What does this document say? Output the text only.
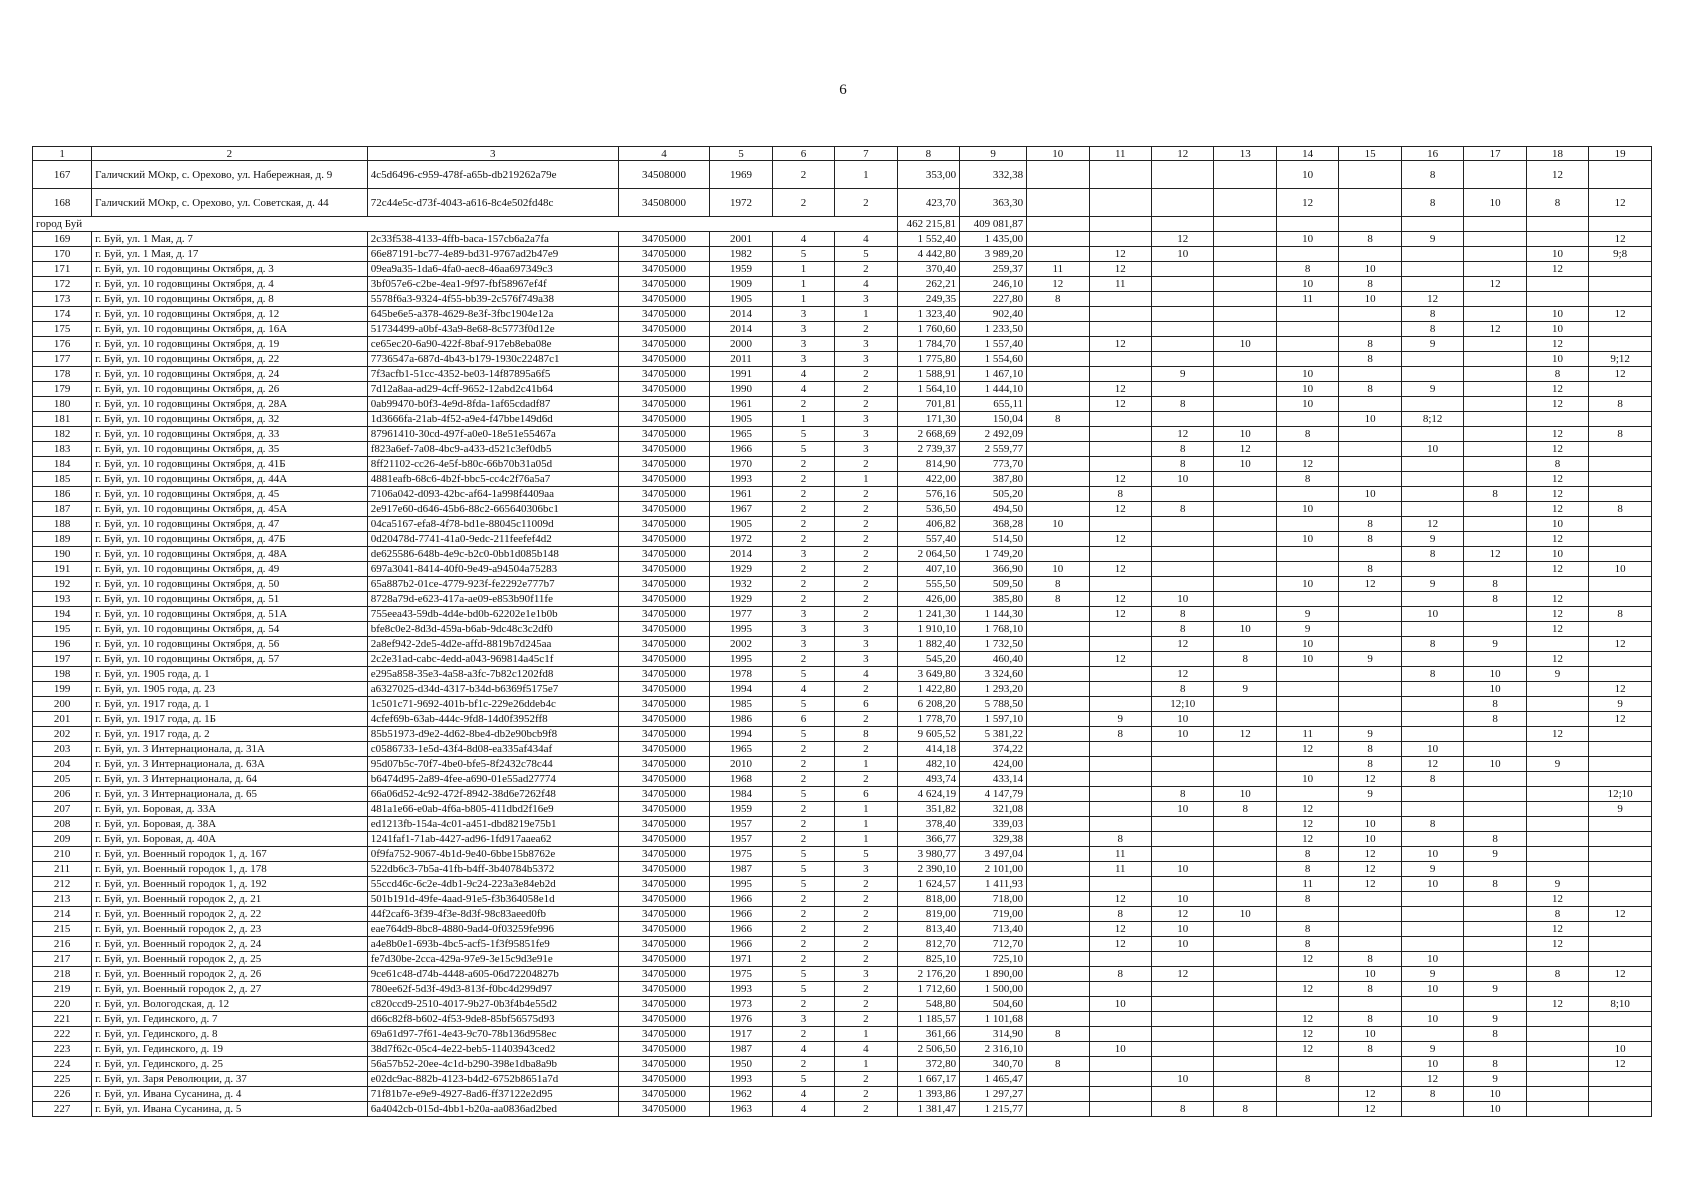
6
1	2	3	4	5	6	7	8	9	10	11	12	13	14	15	16	17	18	19
167	Галичский МОкр, с. Орехово, ул. Набережная, д. 9	4c5d6496-c959-478f-a65b-db219262a79e	34508000	1969	2	1	353,00	332,38					10		8		12	
168	Галичский МОкр, с. Орехово, ул. Советская, д. 44	72c44e5c-d73f-4043-a616-8c4e502fd48c	34508000	1972	2	2	423,70	363,30					12		8	10	8	12
город Буй							462 215,81	409 081,87										
169	г. Буй, ул. 1 Мая, д. 7	2c33f538-4133-4ffb-baca-157cb6a2a7fa	34705000	2001	4	4	1 552,40	1 435,00			12		10	8	9			12
170	г. Буй, ул. 1 Мая, д. 17	66e87191-bc77-4e89-bd31-9767ad2b47e9	34705000	1982	5	5	4 442,80	3 989,20		12	10						10	9;8
171	г. Буй, ул. 10 годовщины Октября, д. 3	09ea9a35-1da6-4fa0-aec8-46aa697349c3	34705000	1959	1	2	370,40	259,37	11	12			8	10			12	
172	г. Буй, ул. 10 годовщины Октября, д. 4	3bf057e6-c2be-4ea1-9f97-fbf58967ef4f	34705000	1909	1	4	262,21	246,10	12	11			10	8		12		
173	г. Буй, ул. 10 годовщины Октября, д. 8	5578f6a3-9324-4f55-bb39-2c576f749a38	34705000	1905	1	3	249,35	227,80	8				11	10	12			
174	г. Буй, ул. 10 годовщины Октября, д. 12	645be6e5-a378-4629-8e3f-3fbc1904e12a	34705000	2014	3	1	1 323,40	902,40							8		10	12
175	г. Буй, ул. 10 годовщины Октября, д. 16А	51734499-a0bf-43a9-8e68-8c5773f0d12e	34705000	2014	3	2	1 760,60	1 233,50							8	12	10	
176	г. Буй, ул. 10 годовщины Октября, д. 19	ce65ec20-6a90-422f-8baf-917eb8eba08e	34705000	2000	3	3	1 784,70	1 557,40		12		10		8	9		12	
177	г. Буй, ул. 10 годовщины Октября, д. 22	7736547a-687d-4b43-b179-1930c22487c1	34705000	2011	3	3	1 775,80	1 554,60						8			10	9;12
178	г. Буй, ул. 10 годовщины Октября, д. 24	7f3acfb1-51cc-4352-be03-14f87895a6f5	34705000	1991	4	2	1 588,91	1 467,10			9		10				8	12
179	г. Буй, ул. 10 годовщины Октября, д. 26	7d12a8aa-ad29-4cff-9652-12abd2c41b64	34705000	1990	4	2	1 564,10	1 444,10		12			10	8	9		12	
180	г. Буй, ул. 10 годовщины Октября, д. 28А	0ab99470-b0f3-4e9d-8fda-1af65cdadf87	34705000	1961	2	2	701,81	655,11		12	8		10				12	8
181	г. Буй, ул. 10 годовщины Октября, д. 32	1d3666fa-21ab-4f52-a9e4-f47bbe149d6d	34705000	1905	1	3	171,30	150,04	8					10	8;12			
182	г. Буй, ул. 10 годовщины Октября, д. 33	87961410-30cd-497f-a0e0-18e51e55467a	34705000	1965	5	3	2 668,69	2 492,09			12	10	8				12	8
183	г. Буй, ул. 10 годовщины Октября, д. 35	f823a6ef-7a08-4bc9-a433-d521c3ef0db5	34705000	1966	5	3	2 739,37	2 559,77			8	12			10		12	
184	г. Буй, ул. 10 годовщины Октября, д. 41Б	8ff21102-cc26-4e5f-b80c-66b70b31a05d	34705000	1970	2	2	814,90	773,70			8	10	12				8	
185	г. Буй, ул. 10 годовщины Октября, д. 44А	4881eafb-68c6-4b2f-bbc5-cc4c2f76a5a7	34705000	1993	2	1	422,00	387,80		12	10		8				12	
186	г. Буй, ул. 10 годовщины Октября, д. 45	7106a042-d093-42bc-af64-1a998f4409aa	34705000	1961	2	2	576,16	505,20		8				10		8	12	
187	г. Буй, ул. 10 годовщины Октября, д. 45А	2e917e60-d646-45b6-88c2-665640306bc1	34705000	1967	2	2	536,50	494,50		12	8		10				12	8
188	г. Буй, ул. 10 годовщины Октября, д. 47	04ca5167-efa8-4f78-bd1e-88045c11009d	34705000	1905	2	2	406,82	368,28	10					8	12		10	
189	г. Буй, ул. 10 годовщины Октября, д. 47Б	0d20478d-7741-41a0-9edc-211feefef4d2	34705000	1972	2	2	557,40	514,50		12			10	8	9		12	
190	г. Буй, ул. 10 годовщины Октября, д. 48А	de625586-648b-4e9c-b2c0-0bb1d085b148	34705000	2014	3	2	2 064,50	1 749,20							8	12	10	
191	г. Буй, ул. 10 годовщины Октября, д. 49	697a3041-8414-40f0-9e49-a94504a75283	34705000	1929	2	2	407,10	366,90	10	12				8			12	10
192	г. Буй, ул. 10 годовщины Октября, д. 50	65a887b2-01ce-4779-923f-fe2292e777b7	34705000	1932	2	2	555,50	509,50	8				10	12	9	8		
193	г. Буй, ул. 10 годовщины Октября, д. 51	8728a79d-e623-417a-ae09-e853b90f11fe	34705000	1929	2	2	426,00	385,80	8	12	10					8	12	
194	г. Буй, ул. 10 годовщины Октября, д. 51А	755eea43-59db-4d4e-bd0b-62202e1e1b0b	34705000	1977	3	2	1 241,30	1 144,30		12	8		9		10		12	8
195	г. Буй, ул. 10 годовщины Октября, д. 54	bfe8c0e2-8d3d-459a-b6ab-9dc48c3c2df0	34705000	1995	3	3	1 910,10	1 768,10			8	10	9				12	
196	г. Буй, ул. 10 годовщины Октября, д. 56	2a8ef942-2de5-4d2e-affd-8819b7d245aa	34705000	2002	3	3	1 882,40	1 732,50			12		10		8	9		12
197	г. Буй, ул. 10 годовщины Октября, д. 57	2c2e31ad-cabc-4edd-a043-969814a45c1f	34705000	1995	2	3	545,20	460,40		12		8	10	9			12	
198	г. Буй, ул. 1905 года, д. 1	e295a858-35e3-4a58-a3fc-7b82c1202fd8	34705000	1978	5	4	3 649,80	3 324,60			12				8	10	9	
199	г. Буй, ул. 1905 года, д. 23	a6327025-d34d-4317-b34d-b6369f5175e7	34705000	1994	4	2	1 422,80	1 293,20			8	9				10		12
200	г. Буй, ул. 1917 года, д. 1	1c501c71-9692-401b-bf1c-229e26ddeb4c	34705000	1985	5	6	6 208,20	5 788,50			12;10					8		9
201	г. Буй, ул. 1917 года, д. 1Б	4cfef69b-63ab-444c-9fd8-14d0f3952ff8	34705000	1986	6	2	1 778,70	1 597,10		9	10					8		12
202	г. Буй, ул. 1917 года, д. 2	85b51973-d9e2-4d62-8be4-db2e90bcb9f8	34705000	1994	5	8	9 605,52	5 381,22		8	10	12	11	9			12	
203	г. Буй, ул. 3 Интернационала, д. 31А	c0586733-1e5d-43f4-8d08-ea335af434af	34705000	1965	2	2	414,18	374,22					12	8	10			
204	г. Буй, ул. 3 Интернационала, д. 63А	95d07b5c-70f7-4be0-bfe5-8f2432c78c44	34705000	2010	2	1	482,10	424,00						8	12	10	9	
205	г. Буй, ул. 3 Интернационала, д. 64	b6474d95-2a89-4fee-a690-01e55ad27774	34705000	1968	2	2	493,74	433,14					10	12	8			
206	г. Буй, ул. 3 Интернационала, д. 65	66a06d52-4c92-472f-8942-38d6e7262f48	34705000	1984	5	6	4 624,19	4 147,79			8	10		9				12;10
207	г. Буй, ул. Боровая, д. 33А	481a1e66-e0ab-4f6a-b805-411dbd2f16e9	34705000	1959	2	1	351,82	321,08			10	8	12					9
208	г. Буй, ул. Боровая, д. 38А	ed1213fb-154a-4c01-a451-dbd8219e75b1	34705000	1957	2	1	378,40	339,03					12	10	8			
209	г. Буй, ул. Боровая, д. 40А	1241faf1-71ab-4427-ad96-1fd917aaea62	34705000	1957	2	1	366,77	329,38		8			12	10		8		
210	г. Буй, ул. Военный городок 1, д. 167	0f9fa752-9067-4b1d-9e40-6bbe15b8762e	34705000	1975	5	5	3 980,77	3 497,04		11			8	12	10	9		
211	г. Буй, ул. Военный городок 1, д. 178	522db6c3-7b5a-41fb-b4ff-3b40784b5372	34705000	1987	5	3	2 390,10	2 101,00		11	10		8	12	9			
212	г. Буй, ул. Военный городок 1, д. 192	55ccd46c-6c2e-4db1-9c24-223a3e84eb2d	34705000	1995	5	2	1 624,57	1 411,93					11	12	10	8	9	
213	г. Буй, ул. Военный городок 2, д. 21	501b191d-49fe-4aad-91e5-f3b364058e1d	34705000	1966	2	2	818,00	718,00		12	10		8				12	
214	г. Буй, ул. Военный городок 2, д. 22	44f2caf6-3f39-4f3e-8d3f-98c83aeed0fb	34705000	1966	2	2	819,00	719,00		8	12	10					8	12
215	г. Буй, ул. Военный городок 2, д. 23	eae764d9-8bc8-4880-9ad4-0f03259fe996	34705000	1966	2	2	813,40	713,40		12	10		8				12	
216	г. Буй, ул. Военный городок 2, д. 24	a4e8b0e1-693b-4bc5-acf5-1f3f95851fe9	34705000	1966	2	2	812,70	712,70		12	10		8				12	
217	г. Буй, ул. Военный городок 2, д. 25	fe7d30be-2cca-429a-97e9-3e15c9d3e91e	34705000	1971	2	2	825,10	725,10					12	8	10			
218	г. Буй, ул. Военный городок 2, д. 26	9ce61c48-d74b-4448-a605-06d72204827b	34705000	1975	5	3	2 176,20	1 890,00		8	12			10	9		8	12
219	г. Буй, ул. Военный городок 2, д. 27	780ee62f-5d3f-49d3-813f-f0bc4d299d97	34705000	1993	5	2	1 712,60	1 500,00					12	8	10	9		
220	г. Буй, ул. Вологодская, д. 12	c820ccd9-2510-4017-9b27-0b3f4b4e55d2	34705000	1973	2	2	548,80	504,60		10							12	8;10
221	г. Буй, ул. Гединского, д. 7	d66c82f8-b602-4f53-9de8-85bf56575d93	34705000	1976	3	2	1 185,57	1 101,68					12	8	10	9		
222	г. Буй, ул. Гединского, д. 8	69a61d97-7f61-4e43-9c70-78b136d958ec	34705000	1917	2	1	361,66	314,90	8				12	10		8		
223	г. Буй, ул. Гединского, д. 19	38d7f62c-05c4-4e22-beb5-11403943ced2	34705000	1987	4	4	2 506,50	2 316,10		10			12	8	9			10
224	г. Буй, ул. Гединского, д. 25	56a57b52-20ee-4c1d-b290-398e1dba8a9b	34705000	1950	2	1	372,80	340,70	8						10	8		12
225	г. Буй, ул. Заря Революции, д. 37	e02dc9ac-882b-4123-b4d2-6752b8651a7d	34705000	1993	5	2	1 667,17	1 465,47			10		8		12	9		
226	г. Буй, ул. Ивана Сусанина, д. 4	71f81b7e-e9e9-4927-8ad6-ff37122e2d95	34705000	1962	4	2	1 393,86	1 297,27						12	8	10		
227	г. Буй, ул. Ивана Сусанина, д. 5	6a4042cb-015d-4bb1-b20a-aa0836ad2bed	34705000	1963	4	2	1 381,47	1 215,77			8	8		12		10		
